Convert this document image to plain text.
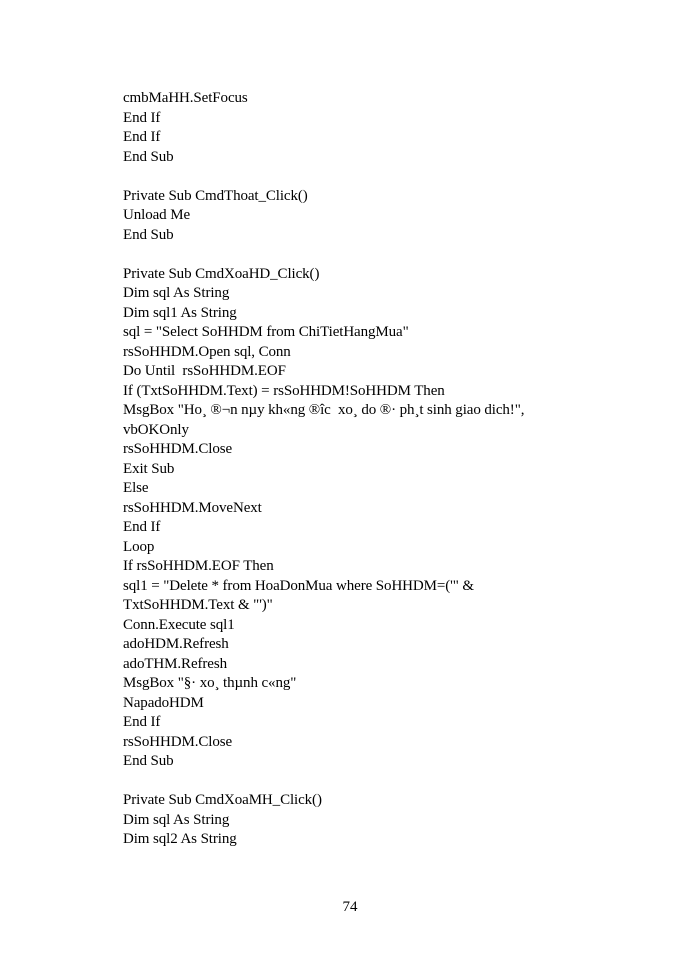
cmbMaHH.SetFocus
End If
End If
End Sub

Private Sub CmdThoat_Click()
Unload Me
End Sub

Private Sub CmdXoaHD_Click()
Dim sql As String
Dim sql1 As String
sql = "Select SoHHDM from ChiTietHangMua"
rsSoHHDM.Open sql, Conn
Do Until  rsSoHHDM.EOF
If (TxtSoHHDM.Text) = rsSoHHDM!SoHHDM Then
MsgBox "Ho¸ ®¬n nµy kh«ng ®îc  xo¸ do ®· ph¸t sinh giao dich!",
vbOKOnly
rsSoHHDM.Close
Exit Sub
Else
rsSoHHDM.MoveNext
End If
Loop
If rsSoHHDM.EOF Then
sql1 = "Delete * from HoaDonMua where SoHHDM=('" &
TxtSoHHDM.Text & "')"
Conn.Execute sql1
adoHDM.Refresh
adoTHM.Refresh
MsgBox "§· xo¸ thµnh c«ng"
NapadoHDM
End If
rsSoHHDM.Close
End Sub

Private Sub CmdXoaMH_Click()
Dim sql As String
Dim sql2 As String
74
